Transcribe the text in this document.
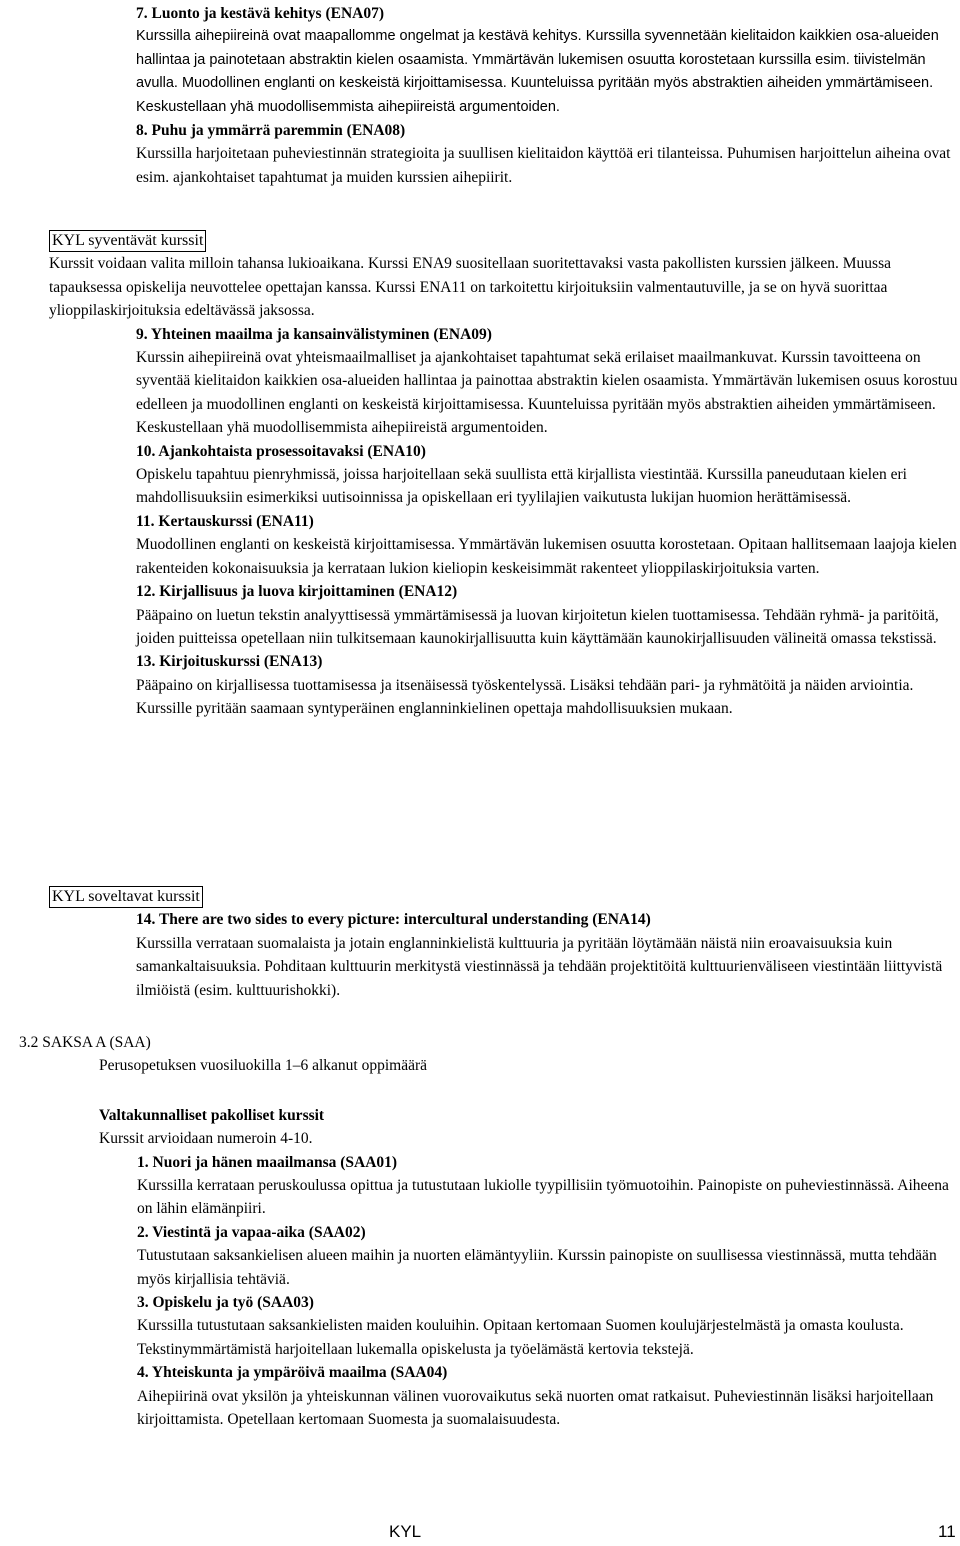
7. Luonto ja kestävä kehitys (ENA07)
Kurssilla aihepiireinä ovat maapallomme ongelmat ja kestävä kehitys. Kurssilla syvennetään kielitaidon kaikkien osa-alueiden hallintaa ja painotetaan abstraktin kielen osaamista. Ymmärtävän lukemisen osuutta korostetaan kurssilla esim. tiivistelmän avulla. Muodollinen englanti on keskeistä kirjoittamisessa. Kuunteluissa pyritään myös abstraktien aiheiden ymmärtämiseen. Keskustellaan yhä muodollisemmista aihepiireistä argumentoiden.
8. Puhu ja ymmärrä paremmin (ENA08)
Kurssilla harjoitetaan puheviestinnän strategioita ja suullisen kielitaidon käyttöä eri tilanteissa. Puhumisen harjoittelun aiheina ovat esim. ajankohtaiset tapahtumat ja muiden kurssien aihepiirit.
KYL syventävät kurssit
Kurssit voidaan valita milloin tahansa lukioaikana. Kurssi ENA9 suositellaan suoritettavaksi vasta pakollisten kurssien jälkeen. Muussa tapauksessa opiskelija neuvottelee opettajan kanssa. Kurssi ENA11 on tarkoitettu kirjoituksiin valmentautuville, ja se on hyvä suorittaa ylioppilaskirjoituksia edeltävässä jaksossa.
9. Yhteinen maailma ja kansainvälistyminen (ENA09)
Kurssin aihepiireinä ovat yhteismaailmalliset ja ajankohtaiset tapahtumat sekä erilaiset maailmankuvat. Kurssin tavoitteena on syventää kielitaidon kaikkien osa-alueiden hallintaa ja painottaa abstraktin kielen osaamista. Ymmärtävän lukemisen osuus korostuu edelleen ja muodollinen englanti on keskeistä kirjoittamisessa. Kuunteluissa pyritään myös abstraktien aiheiden ymmärtämiseen. Keskustellaan yhä muodollisemmista aihepiireistä argumentoiden.
10. Ajankohtaista prosessoitavaksi (ENA10)
Opiskelu tapahtuu pienryhmissä, joissa harjoitellaan sekä suullista että kirjallista viestintää. Kurssilla paneudutaan kielen eri mahdollisuuksiin esimerkiksi uutisoinnissa ja opiskellaan eri tyylilajien vaikutusta lukijan huomion herättämisessä.
11. Kertauskurssi (ENA11)
Muodollinen englanti on keskeistä kirjoittamisessa. Ymmärtävän lukemisen osuutta korostetaan. Opitaan hallitsemaan laajoja kielen rakenteiden kokonaisuuksia ja kerrataan lukion kieliopin keskeisimmät rakenteet ylioppilaskirjoituksia varten.
12. Kirjallisuus ja luova kirjoittaminen (ENA12)
Pääpaino on luetun tekstin analyyttisessä ymmärtämisessä ja luovan kirjoitetun kielen tuottamisessa. Tehdään ryhmä- ja paritöitä, joiden puitteissa opetellaan niin tulkitsemaan kaunokirjallisuutta kuin käyttämään kaunokirjallisuuden välineitä omassa tekstissä.
13. Kirjoituskurssi (ENA13)
Pääpaino on kirjallisessa tuottamisessa ja itsenäisessä työskentelyssä. Lisäksi tehdään pari- ja ryhmätöitä ja näiden arviointia. Kurssille pyritään saamaan syntyperäinen englanninkielinen opettaja mahdollisuuksien mukaan.
KYL soveltavat kurssit
14. There are two sides to every picture: intercultural understanding (ENA14)
Kurssilla verrataan suomalaista ja jotain englanninkielistä kulttuuria ja pyritään löytämään näistä niin eroavaisuuksia kuin samankaltaisuuksia. Pohditaan kulttuurin merkitystä viestinnässä ja tehdään projektitöitä kulttuurienväliseen viestintään liittyvistä ilmiöistä (esim. kulttuurishokki).
3.2 SAKSA A (SAA)
Perusopetuksen vuosiluokilla 1–6 alkanut oppimäärä
Valtakunnalliset pakolliset kurssit
Kurssit arvioidaan numeroin 4-10.
1. Nuori ja hänen maailmansa (SAA01)
Kurssilla kerrataan peruskoulussa opittua ja tutustutaan lukiolle tyypillisiin työmuotoihin. Painopiste on puheviestinnässä. Aiheena on lähin elämänpiiri.
2. Viestintä ja vapaa-aika (SAA02)
Tutustutaan saksankielisen alueen maihin ja nuorten elämäntyyliin. Kurssin painopiste on suullisessa viestinnässä, mutta tehdään myös kirjallisia tehtäviä.
3. Opiskelu ja työ (SAA03)
Kurssilla tutustutaan saksankielisten maiden kouluihin. Opitaan kertomaan Suomen koulujärjestelmästä ja omasta koulusta. Tekstinymmärtämistä harjoitellaan lukemalla opiskelusta ja työelämästä kertovia tekstejä.
4. Yhteiskunta ja ympäröivä maailma (SAA04)
Aihepiirinä ovat yksilön ja yhteiskunnan välinen vuorovaikutus sekä nuorten omat ratkaisut. Puheviestinnän lisäksi harjoitellaan kirjoittamista. Opetellaan kertomaan Suomesta ja suomalaisuudesta.
KYL	11
